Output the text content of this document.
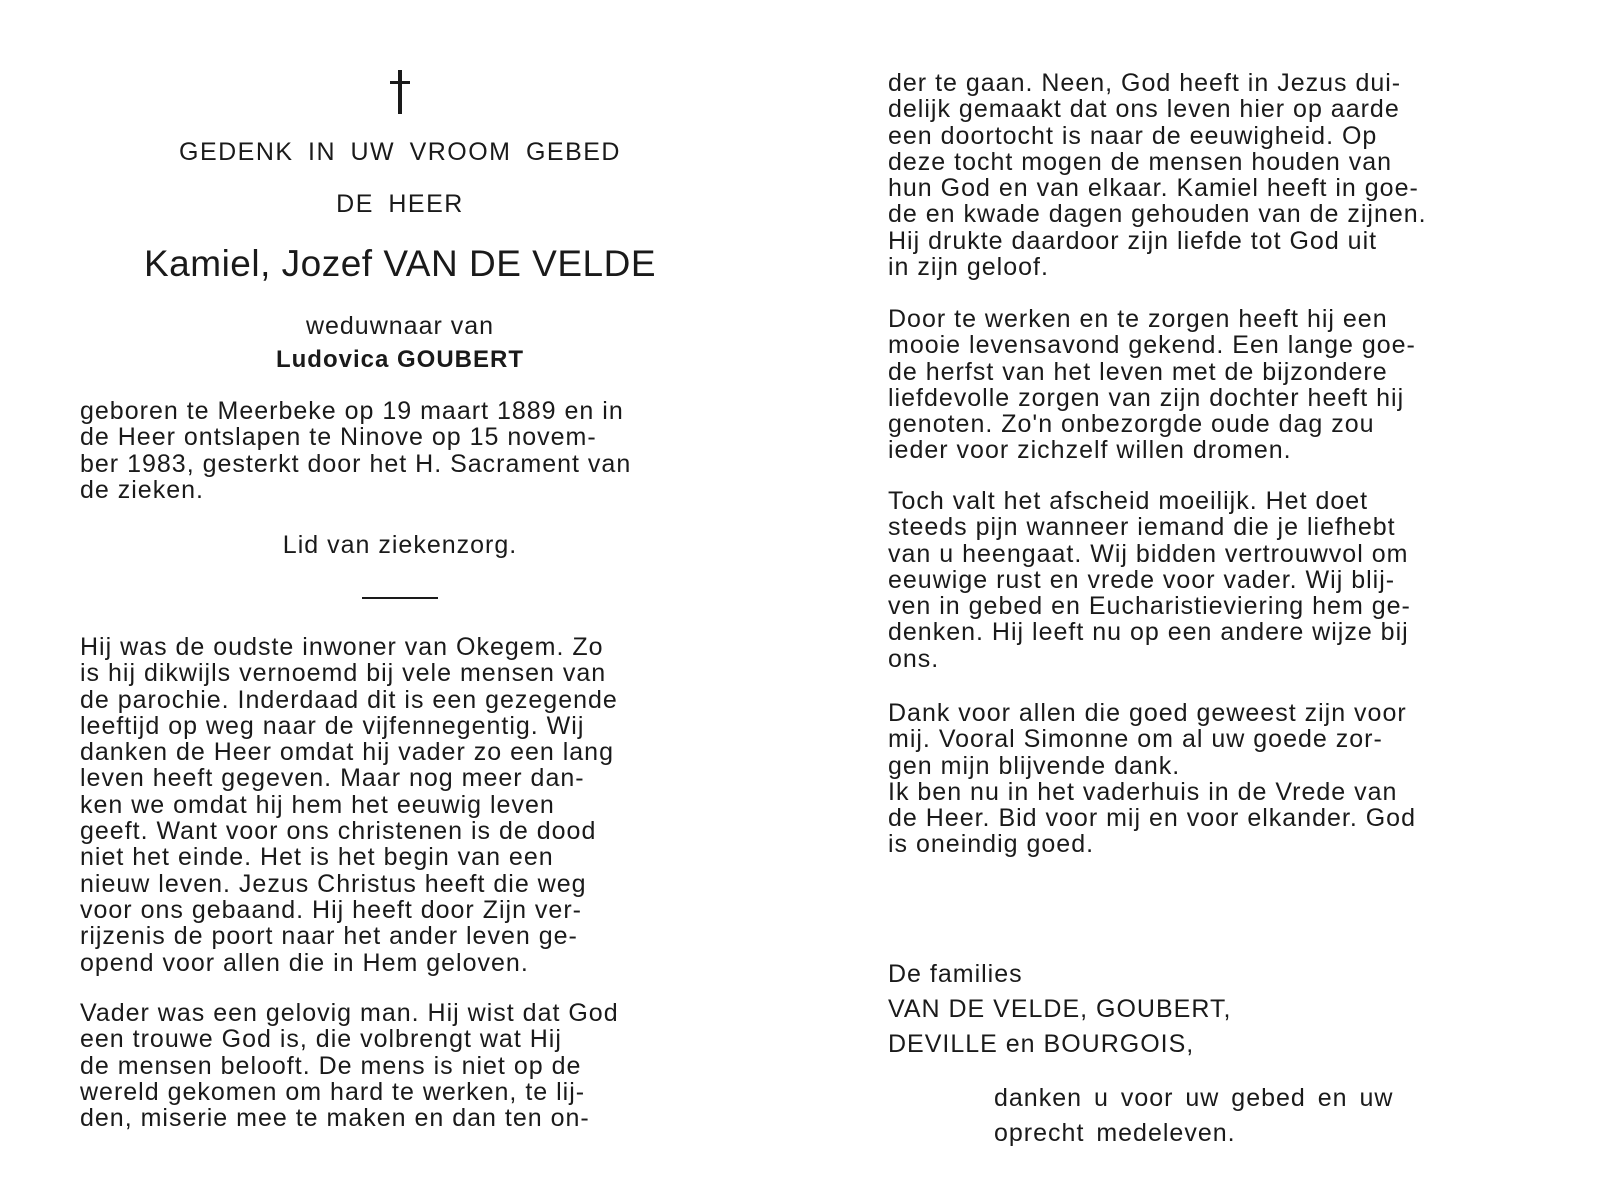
GEDENK IN UW VROOM GEBED
DE HEER
Kamiel, Jozef VAN DE VELDE
weduwnaar van
Ludovica GOUBERT
geboren te Meerbeke op 19 maart 1889 en in
de Heer ontslapen te Ninove op 15 novem-
ber 1983, gesterkt door het H. Sacrament van
de zieken.
Lid van ziekenzorg.
Hij was de oudste inwoner van Okegem. Zo
is hij dikwijls vernoemd bij vele mensen van
de parochie. Inderdaad dit is een gezegende
leeftijd op weg naar de vijfennegentig. Wij
danken de Heer omdat hij vader zo een lang
leven heeft gegeven. Maar nog meer dan-
ken we omdat hij hem het eeuwig leven
geeft. Want voor ons christenen is de dood
niet het einde. Het is het begin van een
nieuw leven. Jezus Christus heeft die weg
voor ons gebaand. Hij heeft door Zijn ver-
rijzenis de poort naar het ander leven ge-
opend voor allen die in Hem geloven.
Vader was een gelovig man. Hij wist dat God
een trouwe God is, die volbrengt wat Hij
de mensen belooft. De mens is niet op de
wereld gekomen om hard te werken, te lij-
den, miserie mee te maken en dan ten on-
der te gaan. Neen, God heeft in Jezus dui-
delijk gemaakt dat ons leven hier op aarde
een doortocht is naar de eeuwigheid. Op
deze tocht mogen de mensen houden van
hun God en van elkaar. Kamiel heeft in goe-
de en kwade dagen gehouden van de zijnen.
Hij drukte daardoor zijn liefde tot God uit
in zijn geloof.
Door te werken en te zorgen heeft hij een
mooie levensavond gekend. Een lange goe-
de herfst van het leven met de bijzondere
liefdevolle zorgen van zijn dochter heeft hij
genoten. Zo'n onbezorgde oude dag zou
ieder voor zichzelf willen dromen.
Toch valt het afscheid moeilijk. Het doet
steeds pijn wanneer iemand die je liefhebt
van u heengaat. Wij bidden vertrouwvol om
eeuwige rust en vrede voor vader. Wij blij-
ven in gebed en Eucharistieviering hem ge-
denken. Hij leeft nu op een andere wijze bij
ons.
Dank voor allen die goed geweest zijn voor
mij. Vooral Simonne om al uw goede zor-
gen mijn blijvende dank.
Ik ben nu in het vaderhuis in de Vrede van
de Heer. Bid voor mij en voor elkander. God
is oneindig goed.
De families
VAN DE VELDE, GOUBERT,
DEVILLE en BOURGOIS,
danken u voor uw gebed en uw
oprecht medeleven.
